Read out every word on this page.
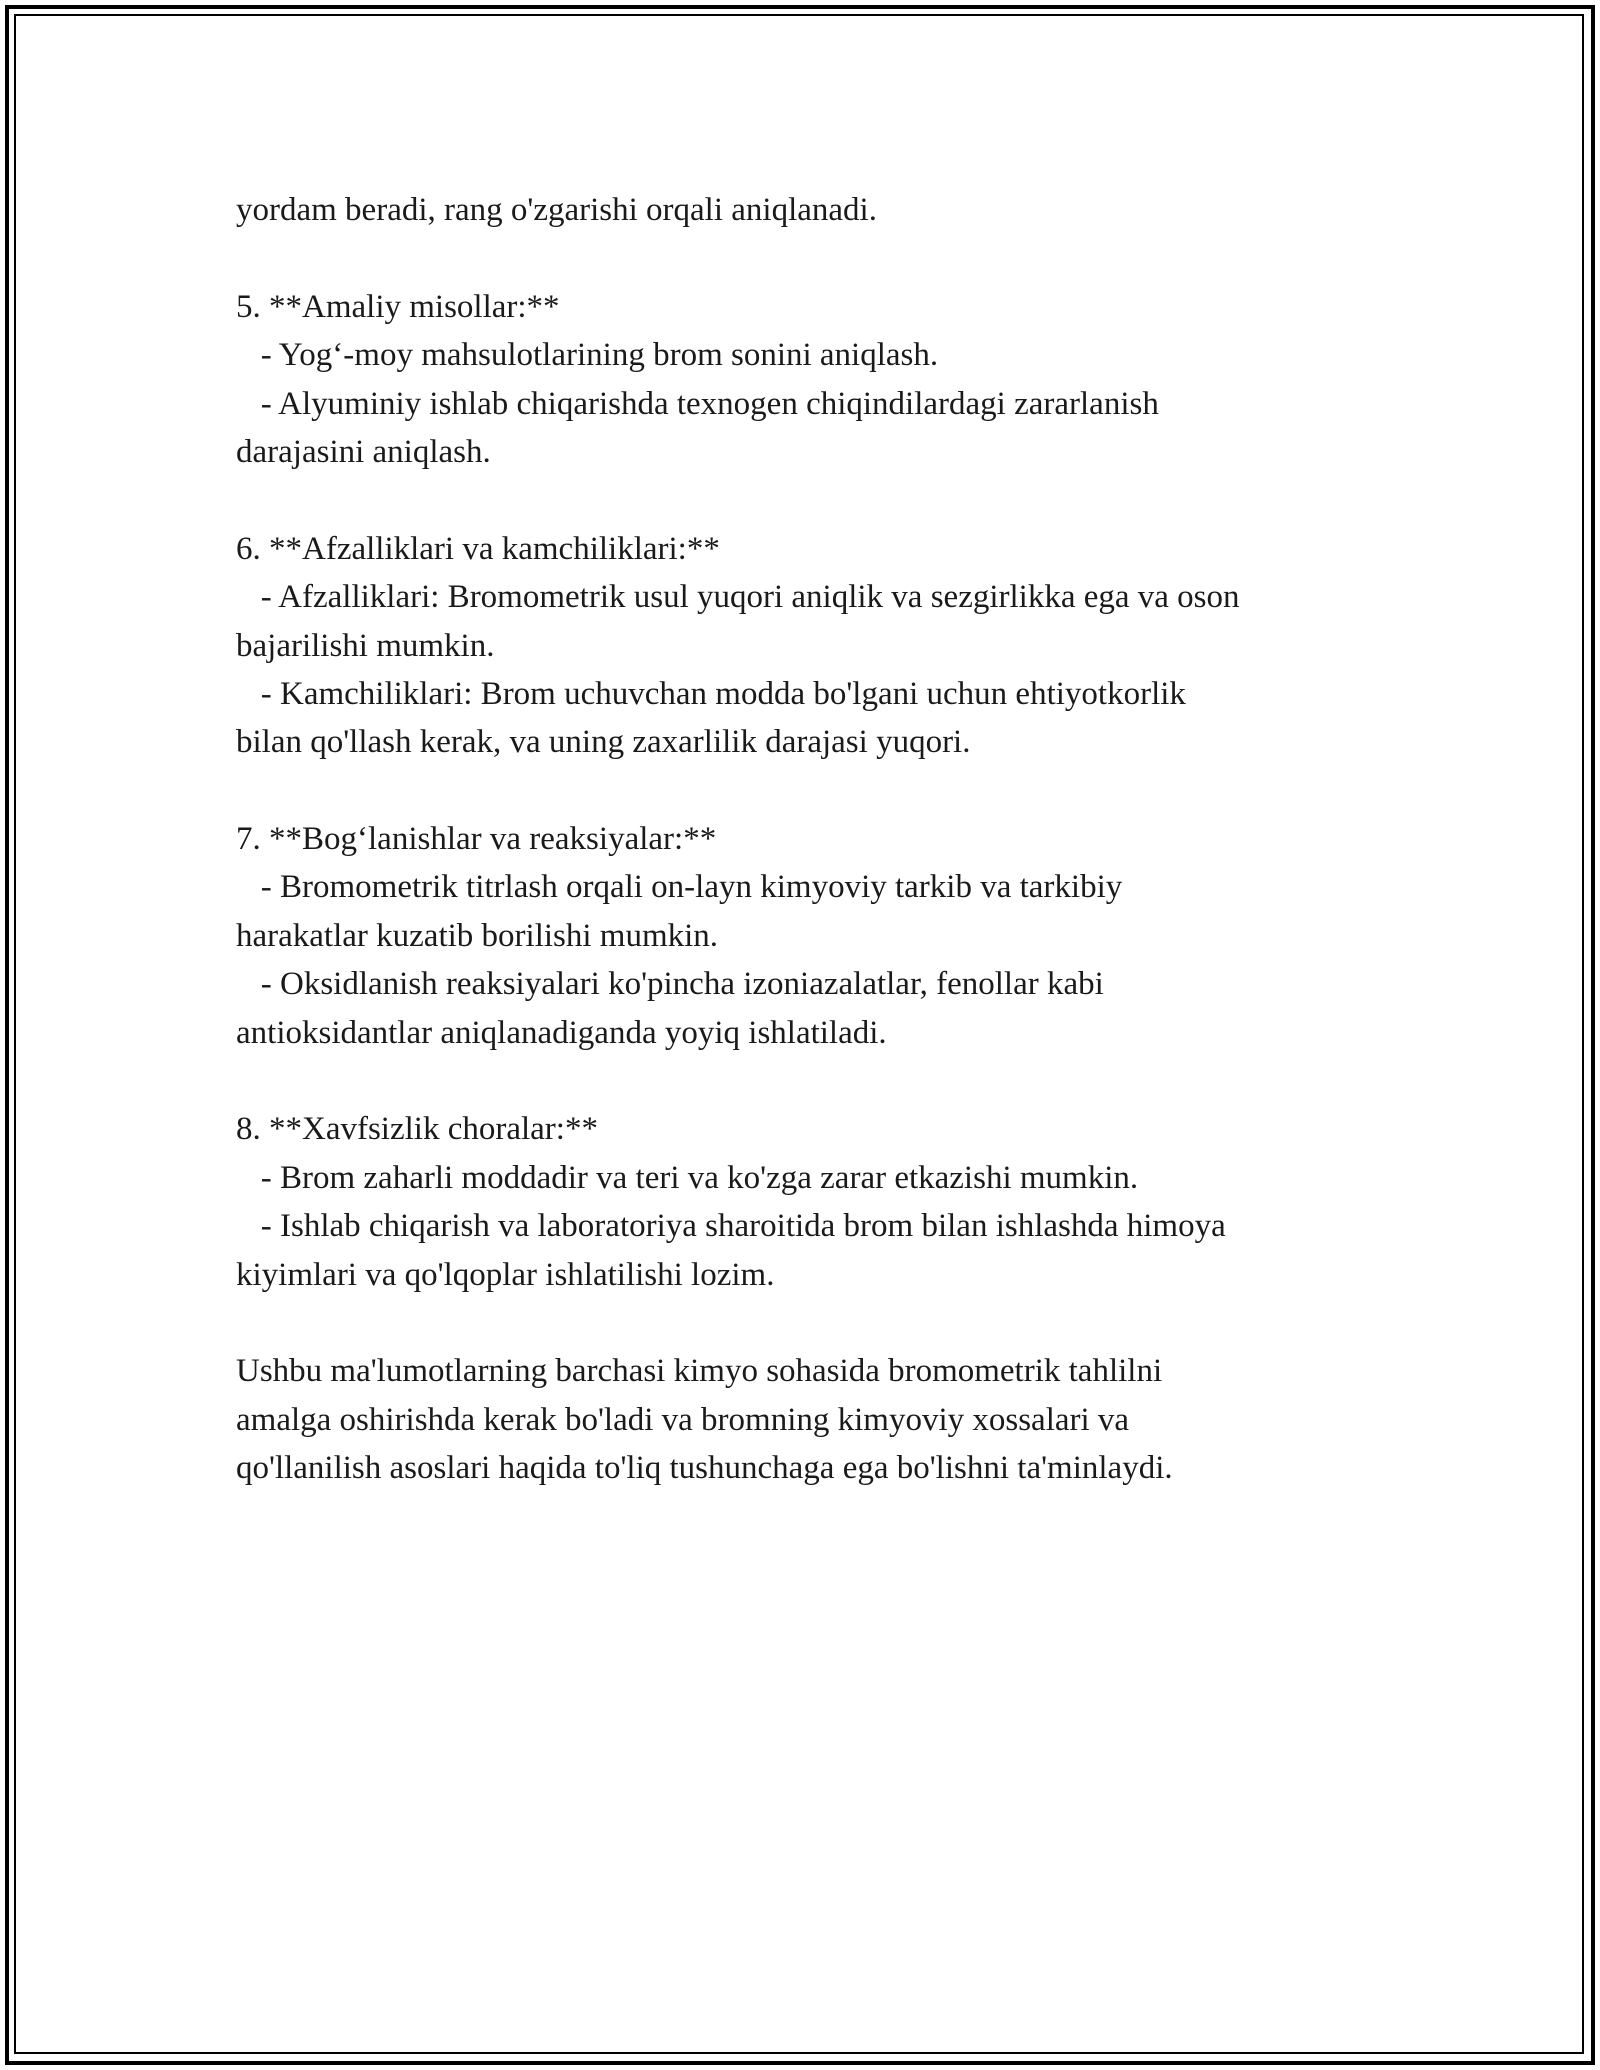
yordam beradi, rang o'zgarishi orqali aniqlanadi.
5. **Amaliy misollar:**
- Yog‘-moy mahsulotlarining brom sonini aniqlash.
- Alyuminiy ishlab chiqarishda texnogen chiqindilardagi zararlanish
darajasini aniqlash.
6. **Afzalliklari va kamchiliklari:**
- Afzalliklari: Bromometrik usul yuqori aniqlik va sezgirlikka ega va oson
bajarilishi mumkin.
- Kamchiliklari: Brom uchuvchan modda bo'lgani uchun ehtiyotkorlik
bilan qo'llash kerak, va uning zaxarlilik darajasi yuqori.
7. **Bog‘lanishlar va reaksiyalar:**
- Bromometrik titrlash orqali on-layn kimyoviy tarkib va tarkibiy
harakatlar kuzatib borilishi mumkin.
- Oksidlanish reaksiyalari ko'pincha izoniazalatlar, fenollar kabi
antioksidantlar aniqlanadiganda yoyiq ishlatiladi.
8. **Xavfsizlik choralar:**
- Brom zaharli moddadir va teri va ko'zga zarar etkazishi mumkin.
- Ishlab chiqarish va laboratoriya sharoitida brom bilan ishlashda himoya
kiyimlari va qo'lqoplar ishlatilishi lozim.
Ushbu ma'lumotlarning barchasi kimyo sohasida bromometrik tahlilni
amalga oshirishda kerak bo'ladi va bromning kimyoviy xossalari va
qo'llanilish asoslari haqida to'liq tushunchaga ega bo'lishni ta'minlaydi.
